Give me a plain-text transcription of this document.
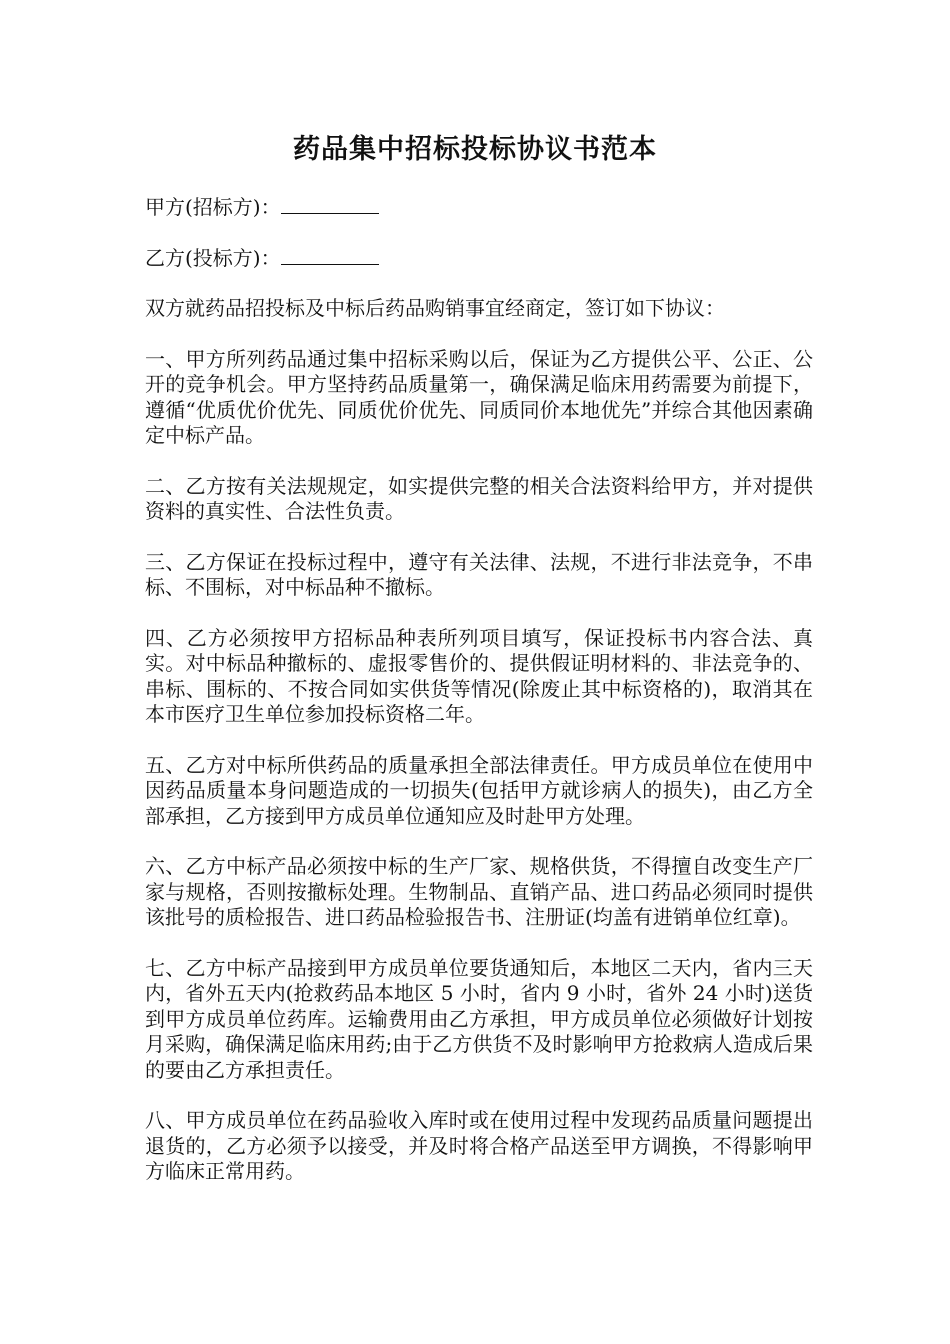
药品集中招标投标协议书范本
甲方(招标方)：
乙方(投标方)：

双方就药品招投标及中标后药品购销事宜经商定，签订如下协议：

一、甲方所列药品通过集中招标采购以后，保证为乙方提供公平、公正、公开的竞争机会。甲方坚持药品质量第一，确保满足临床用药需要为前提下，遵循“优质优价优先、同质优价优先、同质同价本地优先”并综合其他因素确定中标产品。

二、乙方按有关法规规定，如实提供完整的相关合法资料给甲方，并对提供资料的真实性、合法性负责。

三、乙方保证在投标过程中，遵守有关法律、法规，不进行非法竞争，不串标、不围标，对中标品种不撤标。

四、乙方必须按甲方招标品种表所列项目填写，保证投标书内容合法、真实。对中标品种撤标的、虚报零售价的、提供假证明材料的、非法竞争的、串标、围标的、不按合同如实供货等情况(除废止其中标资格的)，取消其在本市医疗卫生单位参加投标资格二年。

五、乙方对中标所供药品的质量承担全部法律责任。甲方成员单位在使用中因药品质量本身问题造成的一切损失(包括甲方就诊病人的损失)，由乙方全部承担，乙方接到甲方成员单位通知应及时赴甲方处理。

六、乙方中标产品必须按中标的生产厂家、规格供货，不得擅自改变生产厂家与规格，否则按撤标处理。生物制品、直销产品、进口药品必须同时提供该批号的质检报告、进口药品检验报告书、注册证(均盖有进销单位红章)。

七、乙方中标产品接到甲方成员单位要货通知后，本地区二天内，省内三天内，省外五天内(抢救药品本地区 5 小时，省内 9 小时，省外 24 小时)送货到甲方成员单位药库。运输费用由乙方承担，甲方成员单位必须做好计划按月采购，确保满足临床用药;由于乙方供货不及时影响甲方抢救病人造成后果的要由乙方承担责任。

八、甲方成员单位在药品验收入库时或在使用过程中发现药品质量问题提出退货的，乙方必须予以接受，并及时将合格产品送至甲方调换，不得影响甲方临床正常用药。
